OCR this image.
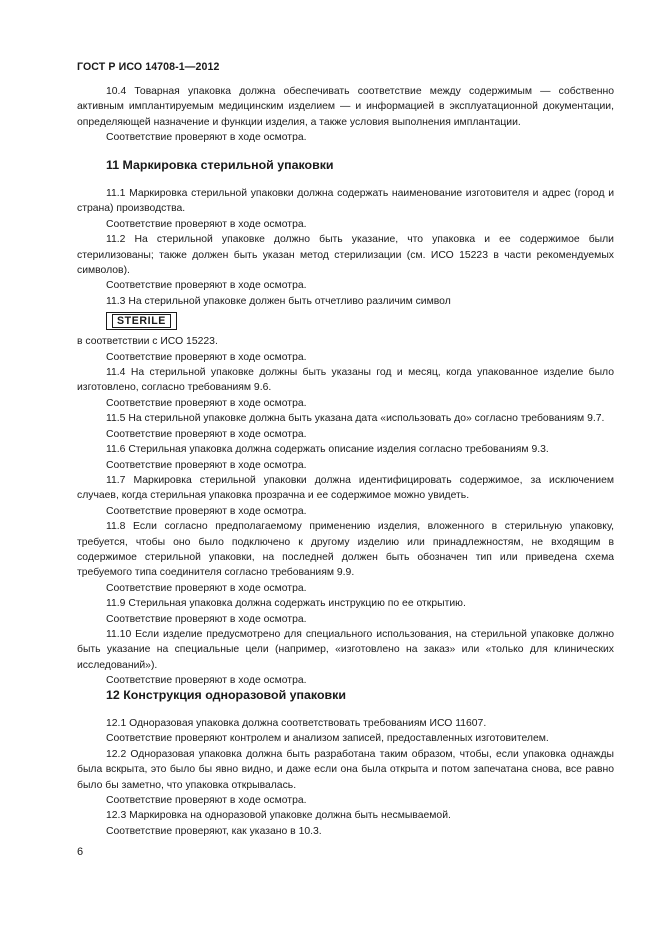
ГОСТ Р ИСО 14708-1—2012

10.4 Товарная упаковка должна обеспечивать соответствие между содержимым — собственно активным имплантируемым медицинским изделием — и информацией в эксплуатационной документации, определяющей назначение и функции изделия, а также условия выполнения имплантации.

Соответствие проверяют в ходе осмотра.

11 Маркировка стерильной упаковки

11.1 Маркировка стерильной упаковки должна содержать наименование изготовителя и адрес (город и страна) производства.

Соответствие проверяют в ходе осмотра.

11.2 На стерильной упаковке должно быть указание, что упаковка и ее содержимое были стерилизованы; также должен быть указан метод стерилизации (см. ИСО 15223 в части рекомендуемых символов).

Соответствие проверяют в ходе осмотра.

11.3 На стерильной упаковке должен быть отчетливо различим символ

STERILE

в соответствии с ИСО 15223.

Соответствие проверяют в ходе осмотра.

11.4 На стерильной упаковке должны быть указаны год и месяц, когда упакованное изделие было изготовлено, согласно требованиям 9.6.

Соответствие проверяют в ходе осмотра.

11.5 На стерильной упаковке должна быть указана дата «использовать до» согласно требованиям 9.7.

Соответствие проверяют в ходе осмотра.

11.6 Стерильная упаковка должна содержать описание изделия согласно требованиям 9.3.

Соответствие проверяют в ходе осмотра.

11.7 Маркировка стерильной упаковки должна идентифицировать содержимое, за исключением случаев, когда стерильная упаковка прозрачна и ее содержимое можно увидеть.

Соответствие проверяют в ходе осмотра.

11.8 Если согласно предполагаемому применению изделия, вложенного в стерильную упаковку, требуется, чтобы оно было подключено к другому изделию или принадлежностям, не входящим в содержимое стерильной упаковки, на последней должен быть обозначен тип или приведена схема требуемого типа соединителя согласно требованиям 9.9.

Соответствие проверяют в ходе осмотра.

11.9 Стерильная упаковка должна содержать инструкцию по ее открытию.

Соответствие проверяют в ходе осмотра.

11.10 Если изделие предусмотрено для специального использования, на стерильной упаковке должно быть указание на специальные цели (например, «изготовлено на заказ» или «только для клинических исследований»).

Соответствие проверяют в ходе осмотра.

12 Конструкция одноразовой упаковки

12.1 Одноразовая упаковка должна соответствовать требованиям ИСО 11607.

Соответствие проверяют контролем и анализом записей, предоставленных изготовителем.

12.2 Одноразовая упаковка должна быть разработана таким образом, чтобы, если упаковка однажды была вскрыта, это было бы явно видно, и даже если она была открыта и потом запечатана снова, все равно было бы заметно, что упаковка открывалась.

Соответствие проверяют в ходе осмотра.

12.3 Маркировка на одноразовой упаковке должна быть несмываемой.

Соответствие проверяют, как указано в 10.3.

6
